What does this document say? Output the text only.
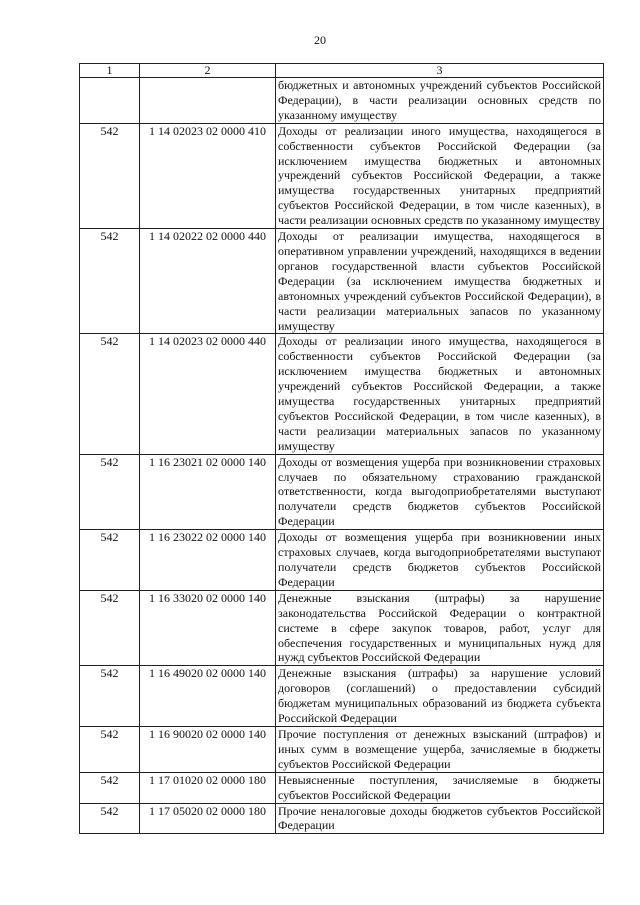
20
1	2	3
		бюджетных и автономных учреждений субъектов Российской Федерации), в части реализации основных средств по указанному имуществу
542	1 14 02023 02 0000 410	Доходы от реализации иного имущества, находящегося в собственности субъектов Российской Федерации (за исключением имущества бюджетных и автономных учреждений субъектов Российской Федерации, а также имущества государственных унитарных предприятий субъектов Российской Федерации, в том числе казенных), в части реализации основных средств по указанному имуществу
542	1 14 02022 02 0000 440	Доходы от реализации имущества, находящегося в оперативном управлении учреждений, находящихся в ведении органов государственной власти субъектов Российской Федерации (за исключением имущества бюджетных и автономных учреждений субъектов Российской Федерации), в части реализации материальных запасов по указанному имуществу
542	1 14 02023 02 0000 440	Доходы от реализации иного имущества, находящегося в собственности субъектов Российской Федерации (за исключением имущества бюджетных и автономных учреждений субъектов Российской Федерации, а также имущества государственных унитарных предприятий субъектов Российской Федерации, в том числе казенных), в части реализации материальных запасов по указанному имуществу
542	1 16 23021 02 0000 140	Доходы от возмещения ущерба при возникновении страховых случаев по обязательному страхованию гражданской ответственности, когда выгодоприобретателями выступают получатели средств бюджетов субъектов Российской Федерации
542	1 16 23022 02 0000 140	Доходы от возмещения ущерба при возникновении иных страховых случаев, когда выгодоприобретателями выступают получатели средств бюджетов субъектов Российской Федерации
542	1 16 33020 02 0000 140	Денежные взыскания (штрафы) за нарушение законодательства Российской Федерации о контрактной системе в сфере закупок товаров, работ, услуг для обеспечения государственных и муниципальных нужд для нужд субъектов Российской Федерации
542	1 16 49020 02 0000 140	Денежные взыскания (штрафы) за нарушение условий договоров (соглашений) о предоставлении субсидий бюджетам муниципальных образований из бюджета субъекта Российской Федерации
542	1 16 90020 02 0000 140	Прочие поступления от денежных взысканий (штрафов) и иных сумм в возмещение ущерба, зачисляемые в бюджеты субъектов Российской Федерации
542	1 17 01020 02 0000 180	Невыясненные поступления, зачисляемые в бюджеты субъектов Российской Федерации
542	1 17 05020 02 0000 180	Прочие неналоговые доходы бюджетов субъектов Российской Федерации
